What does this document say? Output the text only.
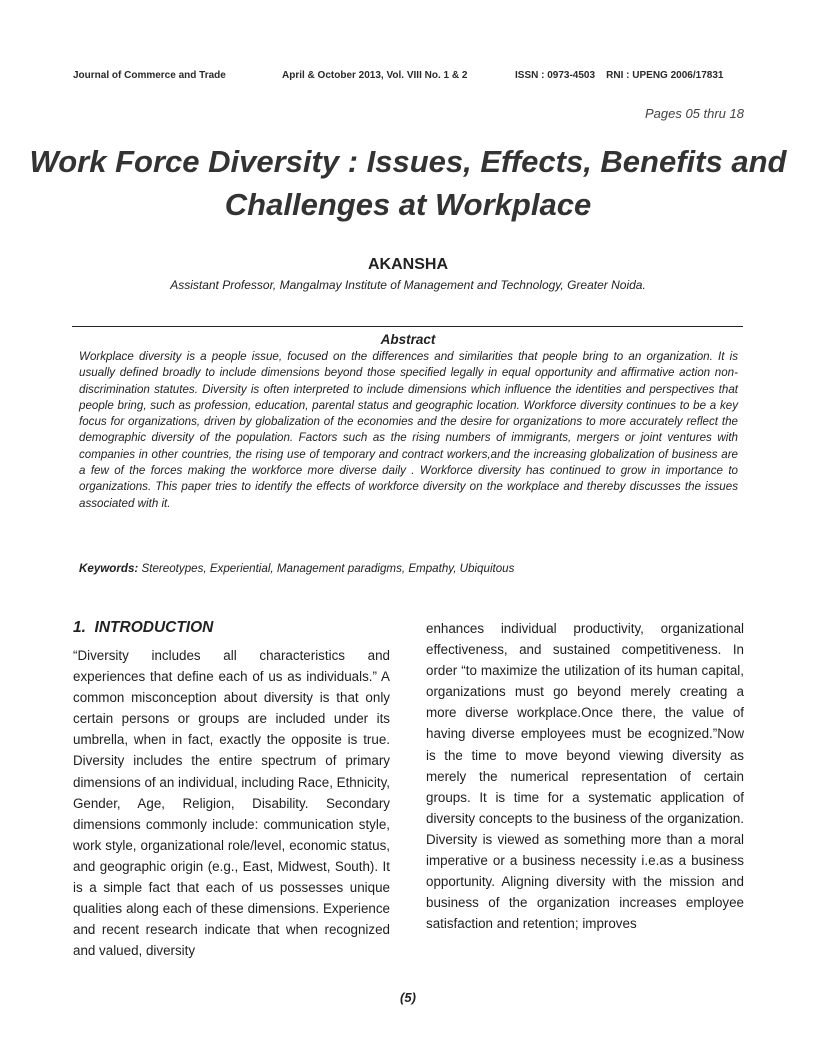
Journal of Commerce and Trade	April & October 2013, Vol. VIII No. 1 & 2	ISSN : 0973-4503    RNI : UPENG 2006/17831
Pages 05 thru 18
Work Force Diversity : Issues, Effects, Benefits and Challenges at Workplace
AKANSHA
Assistant Professor, Mangalmay Institute of Management and Technology, Greater Noida.
Abstract
Workplace diversity is a people issue, focused on the differences and similarities that people bring to an organization. It is usually defined broadly to include dimensions beyond those specified legally in equal opportunity and affirmative action non-discrimination statutes. Diversity is often interpreted to include dimensions which influence the identities and perspectives that people bring, such as profession, education, parental status and geographic location. Workforce diversity continues to be a key focus for organizations, driven by globalization of the economies and the desire for organizations to more accurately reflect the demographic diversity of the population. Factors such as the rising numbers of immigrants, mergers or joint ventures with companies in other countries, the rising use of temporary and contract workers,and the increasing globalization of business are a few of the forces making the workforce more diverse daily . Workforce diversity has continued to grow in importance to organizations. This paper tries to identify the effects of workforce diversity on the workplace and thereby discusses the issues associated with it.
Keywords: Stereotypes, Experiential, Management paradigms, Empathy, Ubiquitous
1.  INTRODUCTION
“Diversity includes all characteristics and experiences that define each of us as individuals.” A common misconception about diversity is that only certain persons or groups are included under its umbrella, when in fact, exactly the opposite is true. Diversity includes the entire spectrum of primary dimensions of an individual, including Race, Ethnicity, Gender, Age, Religion, Disability. Secondary dimensions commonly include: communication style, work style, organizational role/level, economic status, and geographic origin (e.g., East, Midwest, South). It is a simple fact that each of us possesses unique qualities along each of these dimensions. Experience and recent research indicate that when recognized and valued, diversity
enhances individual productivity, organizational effectiveness, and sustained competitiveness. In order “to maximize the utilization of its human capital, organizations must go beyond merely creating a more diverse workplace.Once there, the value of having diverse employees must be ecognized.”Now is the time to move beyond viewing diversity as merely the numerical representation of certain groups. It is time for a systematic application of diversity concepts to the business of the organization. Diversity is viewed as something more than a moral imperative or a business necessity i.e.as a business opportunity. Aligning diversity with the mission and business of the organization increases employee satisfaction and retention; improves
(5)
